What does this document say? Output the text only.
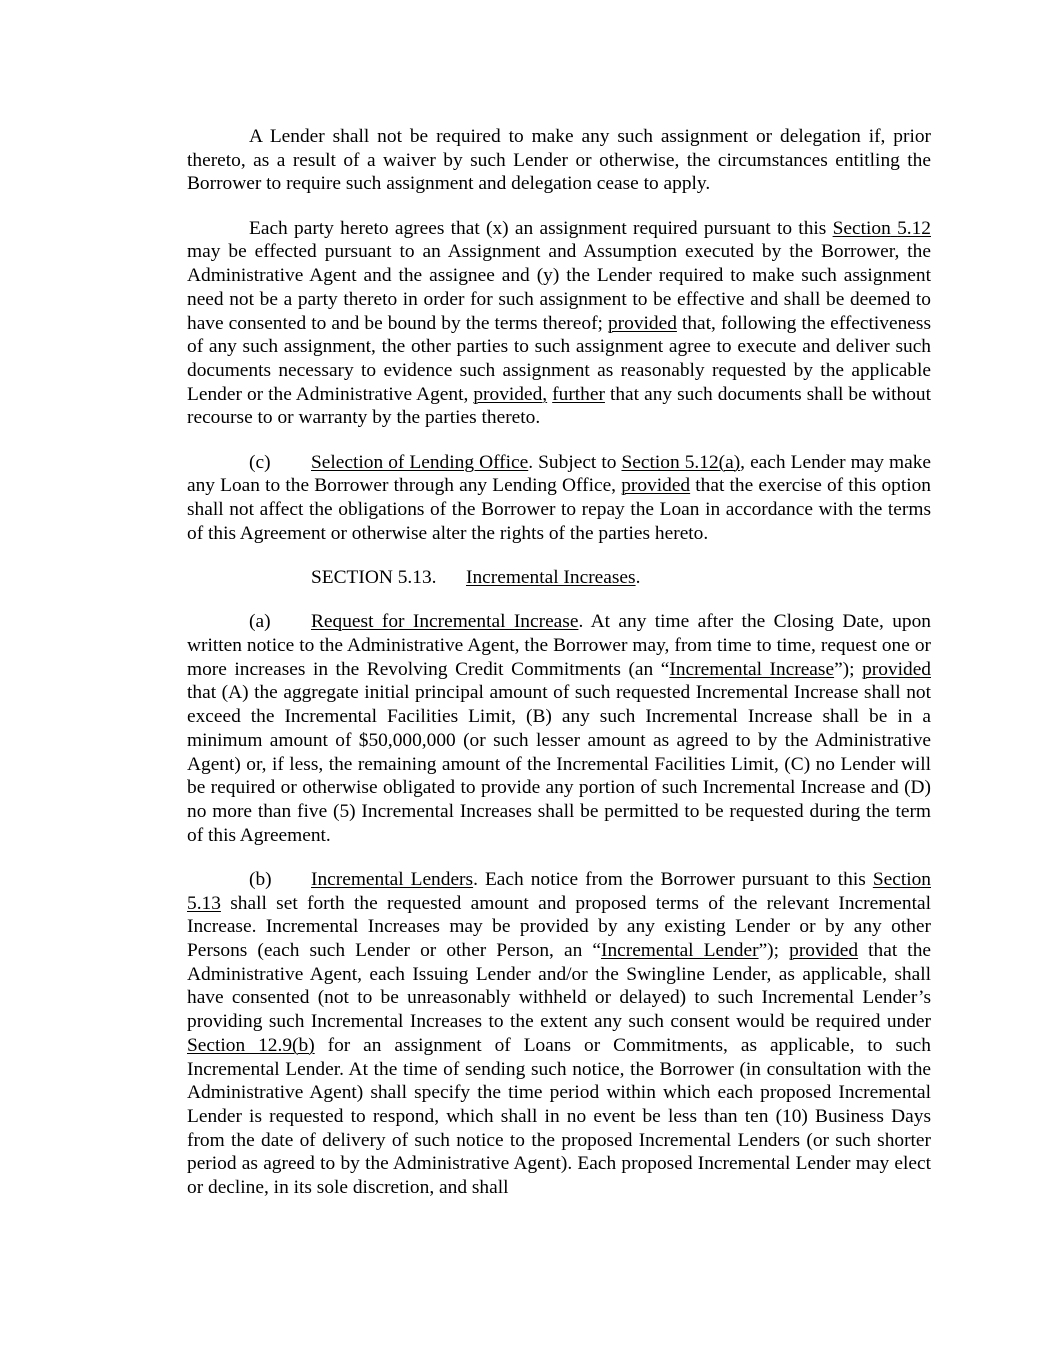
A Lender shall not be required to make any such assignment or delegation if, prior thereto, as a result of a waiver by such Lender or otherwise, the circumstances entitling the Borrower to require such assignment and delegation cease to apply.

Each party hereto agrees that (x) an assignment required pursuant to this Section 5.12 may be effected pursuant to an Assignment and Assumption executed by the Borrower, the Administrative Agent and the assignee and (y) the Lender required to make such assignment need not be a party thereto in order for such assignment to be effective and shall be deemed to have consented to and be bound by the terms thereof; provided that, following the effectiveness of any such assignment, the other parties to such assignment agree to execute and deliver such documents necessary to evidence such assignment as reasonably requested by the applicable Lender or the Administrative Agent, provided, further that any such documents shall be without recourse to or warranty by the parties thereto.

(c) Selection of Lending Office. Subject to Section 5.12(a), each Lender may make any Loan to the Borrower through any Lending Office, provided that the exercise of this option shall not affect the obligations of the Borrower to repay the Loan in accordance with the terms of this Agreement or otherwise alter the rights of the parties hereto.

SECTION 5.13. Incremental Increases.

(a) Request for Incremental Increase. At any time after the Closing Date, upon written notice to the Administrative Agent, the Borrower may, from time to time, request one or more increases in the Revolving Credit Commitments (an “Incremental Increase”); provided that (A) the aggregate initial principal amount of such requested Incremental Increase shall not exceed the Incremental Facilities Limit, (B) any such Incremental Increase shall be in a minimum amount of $50,000,000 (or such lesser amount as agreed to by the Administrative Agent) or, if less, the remaining amount of the Incremental Facilities Limit, (C) no Lender will be required or otherwise obligated to provide any portion of such Incremental Increase and (D) no more than five (5) Incremental Increases shall be permitted to be requested during the term of this Agreement.

(b) Incremental Lenders. Each notice from the Borrower pursuant to this Section 5.13 shall set forth the requested amount and proposed terms of the relevant Incremental Increase. Incremental Increases may be provided by any existing Lender or by any other Persons (each such Lender or other Person, an “Incremental Lender”); provided that the Administrative Agent, each Issuing Lender and/or the Swingline Lender, as applicable, shall have consented (not to be unreasonably withheld or delayed) to such Incremental Lender’s providing such Incremental Increases to the extent any such consent would be required under Section 12.9(b) for an assignment of Loans or Commitments, as applicable, to such Incremental Lender. At the time of sending such notice, the Borrower (in consultation with the Administrative Agent) shall specify the time period within which each proposed Incremental Lender is requested to respond, which shall in no event be less than ten (10) Business Days from the date of delivery of such notice to the proposed Incremental Lenders (or such shorter period as agreed to by the Administrative Agent). Each proposed Incremental Lender may elect or decline, in its sole discretion, and shall
